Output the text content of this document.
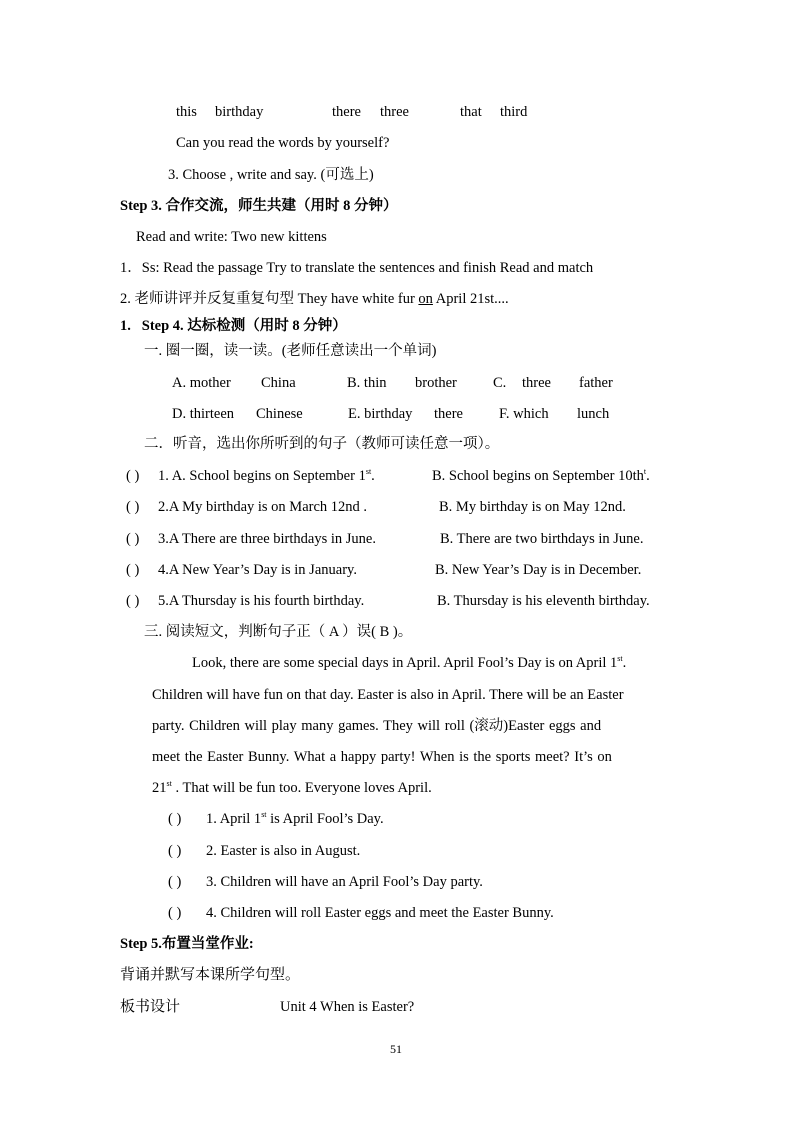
this birthday	there three	that third
Can you read the words by yourself?
3. Choose , write and say. (可选上)
Step 3. 合作交流，师生共建（用时 8 分钟）
Read and write: Two new kittens
1．Ss: Read the passage Try to translate the sentences and finish Read and match
2. 老师讲评并反复重复句型 They have white fur on April 21st....
1. Step 4. 达标检测（用时 8 分钟）
一. 圈一圈，读一读。(老师任意读出一个单词)
A. mother China	B. thin brother C. three father
D. thirteen Chinese	E. birthday there F. which lunch
二．听音，选出你所听到的句子（教师可读任意一项）。
( ) 1. A. School begins on September 1st.	B. School begins on September $10th^t$.
( ) 2.A My birthday is on March 12nd .	B. My birthday is on May 12nd.
( ) 3.A There are three birthdays in June.	B. There are two birthdays in June.
( ) 4.A New Year’s Day is in January.	B. New Year’s Day is in December.
( ) 5.A Thursday is his fourth birthday.	B. Thursday is his eleventh birthday.
三. 阅读短文，判断句子正（ A ）误( B )。
Look, there are some special days in April. April Fool’s Day is on April 1st.
Children will have fun on that day. Easter is also in April. There will be an Easter
party. Children will play many games. They will roll (滚动)Easter eggs and
meet the Easter Bunny. What a happy party! When is the sports meet? It’s on
21st . That will be fun too. Everyone loves April.
( ) 1. April 1st is April Fool’s Day.
( ) 2. Easter is also in August.
( ) 3. Children will have an April Fool’s Day party.
( ) 4. Children will roll Easter eggs and meet the Easter Bunny.
Step 5.布置当堂作业:
背诵并默写本课所学句型。
板书设计	Unit 4 When is Easter?
51
